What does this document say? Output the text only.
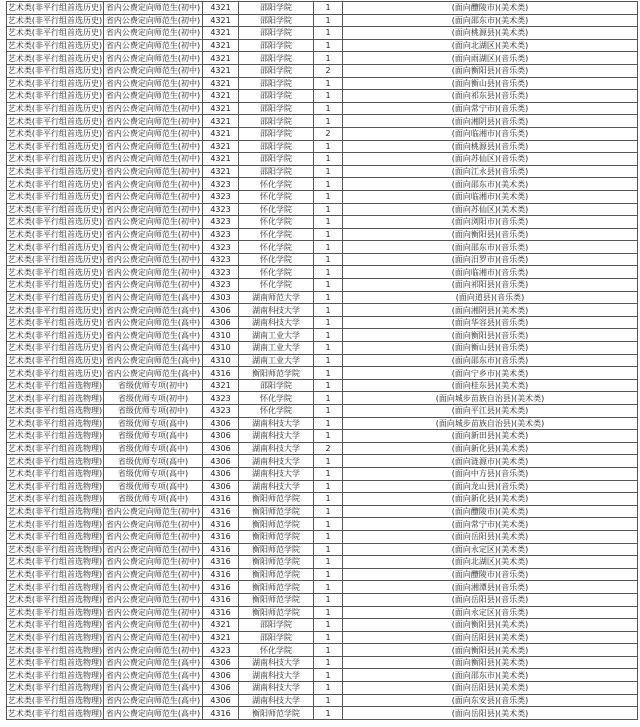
艺术类(非平行组首选历史)	省内公费定向师范生(初中)	4321	邵阳学院	1	(面向醴陵市)(美术类)
艺术类(非平行组首选历史)	省内公费定向师范生(初中)	4321	邵阳学院	1	(面向邵东市)(美术类)
艺术类(非平行组首选历史)	省内公费定向师范生(初中)	4321	邵阳学院	1	(面向桃源县)(美术类)
艺术类(非平行组首选历史)	省内公费定向师范生(初中)	4321	邵阳学院	1	(面向北湖区)(美术类)
艺术类(非平行组首选历史)	省内公费定向师范生(初中)	4321	邵阳学院	1	(面向雨湖区)(音乐类)
艺术类(非平行组首选历史)	省内公费定向师范生(初中)	4321	邵阳学院	2	(面向衡阳县)(音乐类)
艺术类(非平行组首选历史)	省内公费定向师范生(初中)	4321	邵阳学院	1	(面向衡山县)(音乐类)
艺术类(非平行组首选历史)	省内公费定向师范生(初中)	4321	邵阳学院	1	(面向祁东县)(音乐类)
艺术类(非平行组首选历史)	省内公费定向师范生(初中)	4321	邵阳学院	1	(面向常宁市)(音乐类)
艺术类(非平行组首选历史)	省内公费定向师范生(初中)	4321	邵阳学院	1	(面向湘阴县)(音乐类)
艺术类(非平行组首选历史)	省内公费定向师范生(初中)	4321	邵阳学院	2	(面向临湘市)(音乐类)
艺术类(非平行组首选历史)	省内公费定向师范生(初中)	4321	邵阳学院	1	(面向桃源县)(音乐类)
艺术类(非平行组首选历史)	省内公费定向师范生(初中)	4321	邵阳学院	1	(面向苏仙区)(音乐类)
艺术类(非平行组首选历史)	省内公费定向师范生(初中)	4321	邵阳学院	1	(面向江永县)(音乐类)
艺术类(非平行组首选历史)	省内公费定向师范生(初中)	4323	怀化学院	1	(面向邵东市)(美术类)
艺术类(非平行组首选历史)	省内公费定向师范生(初中)	4323	怀化学院	1	(面向临湘市)(美术类)
艺术类(非平行组首选历史)	省内公费定向师范生(初中)	4323	怀化学院	1	(面向苏仙区)(美术类)
艺术类(非平行组首选历史)	省内公费定向师范生(初中)	4323	怀化学院	1	(面向浏阳市)(音乐类)
艺术类(非平行组首选历史)	省内公费定向师范生(初中)	4323	怀化学院	1	(面向衡阳县)(音乐类)
艺术类(非平行组首选历史)	省内公费定向师范生(初中)	4323	怀化学院	1	(面向邵东市)(音乐类)
艺术类(非平行组首选历史)	省内公费定向师范生(初中)	4323	怀化学院	1	(面向汨罗市)(音乐类)
艺术类(非平行组首选历史)	省内公费定向师范生(初中)	4323	怀化学院	1	(面向临湘市)(音乐类)
艺术类(非平行组首选历史)	省内公费定向师范生(初中)	4323	怀化学院	1	(面向祁阳县)(音乐类)
艺术类(非平行组首选历史)	省内公费定向师范生(高中)	4303	湖南师范大学	1	(面向道县)(音乐类)
艺术类(非平行组首选历史)	省内公费定向师范生(高中)	4306	湖南科技大学	1	(面向湘阴县)(美术类)
艺术类(非平行组首选历史)	省内公费定向师范生(高中)	4306	湖南科技大学	1	(面向华容县)(音乐类)
艺术类(非平行组首选历史)	省内公费定向师范生(高中)	4310	湖南工业大学	1	(面向衡阳县)(音乐类)
艺术类(非平行组首选历史)	省内公费定向师范生(高中)	4310	湖南工业大学	1	(面向衡山县)(音乐类)
艺术类(非平行组首选历史)	省内公费定向师范生(高中)	4310	湖南工业大学	1	(面向邵东市)(音乐类)
艺术类(非平行组首选历史)	省内公费定向师范生(高中)	4316	衡阳师范学院	1	(面向宁乡市)(美术类)
艺术类(非平行组首选物理)	省级优师专项(初中)	4321	邵阳学院	1	(面向桂东县)(美术类)
艺术类(非平行组首选物理)	省级优师专项(初中)	4323	怀化学院	1	(面向城步苗族自治县)(美术类)
艺术类(非平行组首选物理)	省级优师专项(初中)	4323	怀化学院	1	(面向平江县)(美术类)
艺术类(非平行组首选物理)	省级优师专项(高中)	4306	湖南科技大学	1	(面向城步苗族自治县)(美术类)
艺术类(非平行组首选物理)	省级优师专项(高中)	4306	湖南科技大学	1	(面向新田县)(美术类)
艺术类(非平行组首选物理)	省级优师专项(高中)	4306	湖南科技大学	2	(面向新化县)(美术类)
艺术类(非平行组首选物理)	省级优师专项(高中)	4306	湖南科技大学	1	(面向涟源市)(美术类)
艺术类(非平行组首选物理)	省级优师专项(高中)	4306	湖南科技大学	1	(面向中方县)(音乐类)
艺术类(非平行组首选物理)	省级优师专项(高中)	4306	湖南科技大学	1	(面向龙山县)(音乐类)
艺术类(非平行组首选物理)	省级优师专项(高中)	4316	衡阳师范学院	1	(面向新化县)(美术类)
艺术类(非平行组首选物理)	省内公费定向师范生(初中)	4316	衡阳师范学院	1	(面向醴陵市)(美术类)
艺术类(非平行组首选物理)	省内公费定向师范生(初中)	4316	衡阳师范学院	1	(面向常宁市)(美术类)
艺术类(非平行组首选物理)	省内公费定向师范生(初中)	4316	衡阳师范学院	1	(面向岳阳县)(美术类)
艺术类(非平行组首选物理)	省内公费定向师范生(初中)	4316	衡阳师范学院	1	(面向永定区)(美术类)
艺术类(非平行组首选物理)	省内公费定向师范生(初中)	4316	衡阳师范学院	1	(面向北湖区)(美术类)
艺术类(非平行组首选物理)	省内公费定向师范生(初中)	4316	衡阳师范学院	1	(面向醴陵市)(音乐类)
艺术类(非平行组首选物理)	省内公费定向师范生(初中)	4316	衡阳师范学院	1	(面向湘潭县)(音乐类)
艺术类(非平行组首选物理)	省内公费定向师范生(初中)	4316	衡阳师范学院	1	(面向岳阳县)(音乐类)
艺术类(非平行组首选物理)	省内公费定向师范生(初中)	4316	衡阳师范学院	1	(面向永定区)(音乐类)
艺术类(非平行组首选物理)	省内公费定向师范生(初中)	4321	邵阳学院	1	(面向衡阳县)(美术类)
艺术类(非平行组首选物理)	省内公费定向师范生(初中)	4321	邵阳学院	1	(面向岳阳县)(美术类)
艺术类(非平行组首选物理)	省内公费定向师范生(初中)	4323	怀化学院	1	(面向衡阳县)(美术类)
艺术类(非平行组首选物理)	省内公费定向师范生(高中)	4306	湖南科技大学	1	(面向衡阳县)(美术类)
艺术类(非平行组首选物理)	省内公费定向师范生(高中)	4306	湖南科技大学	1	(面向邵东市)(美术类)
艺术类(非平行组首选物理)	省内公费定向师范生(高中)	4306	湖南科技大学	1	(面向岳阳县)(美术类)
艺术类(非平行组首选物理)	省内公费定向师范生(高中)	4306	湖南科技大学	1	(面向东安县)(音乐类)
艺术类(非平行组首选物理)	省内公费定向师范生(高中)	4316	衡阳师范学院	1	(面向岳阳县)(美术类)
